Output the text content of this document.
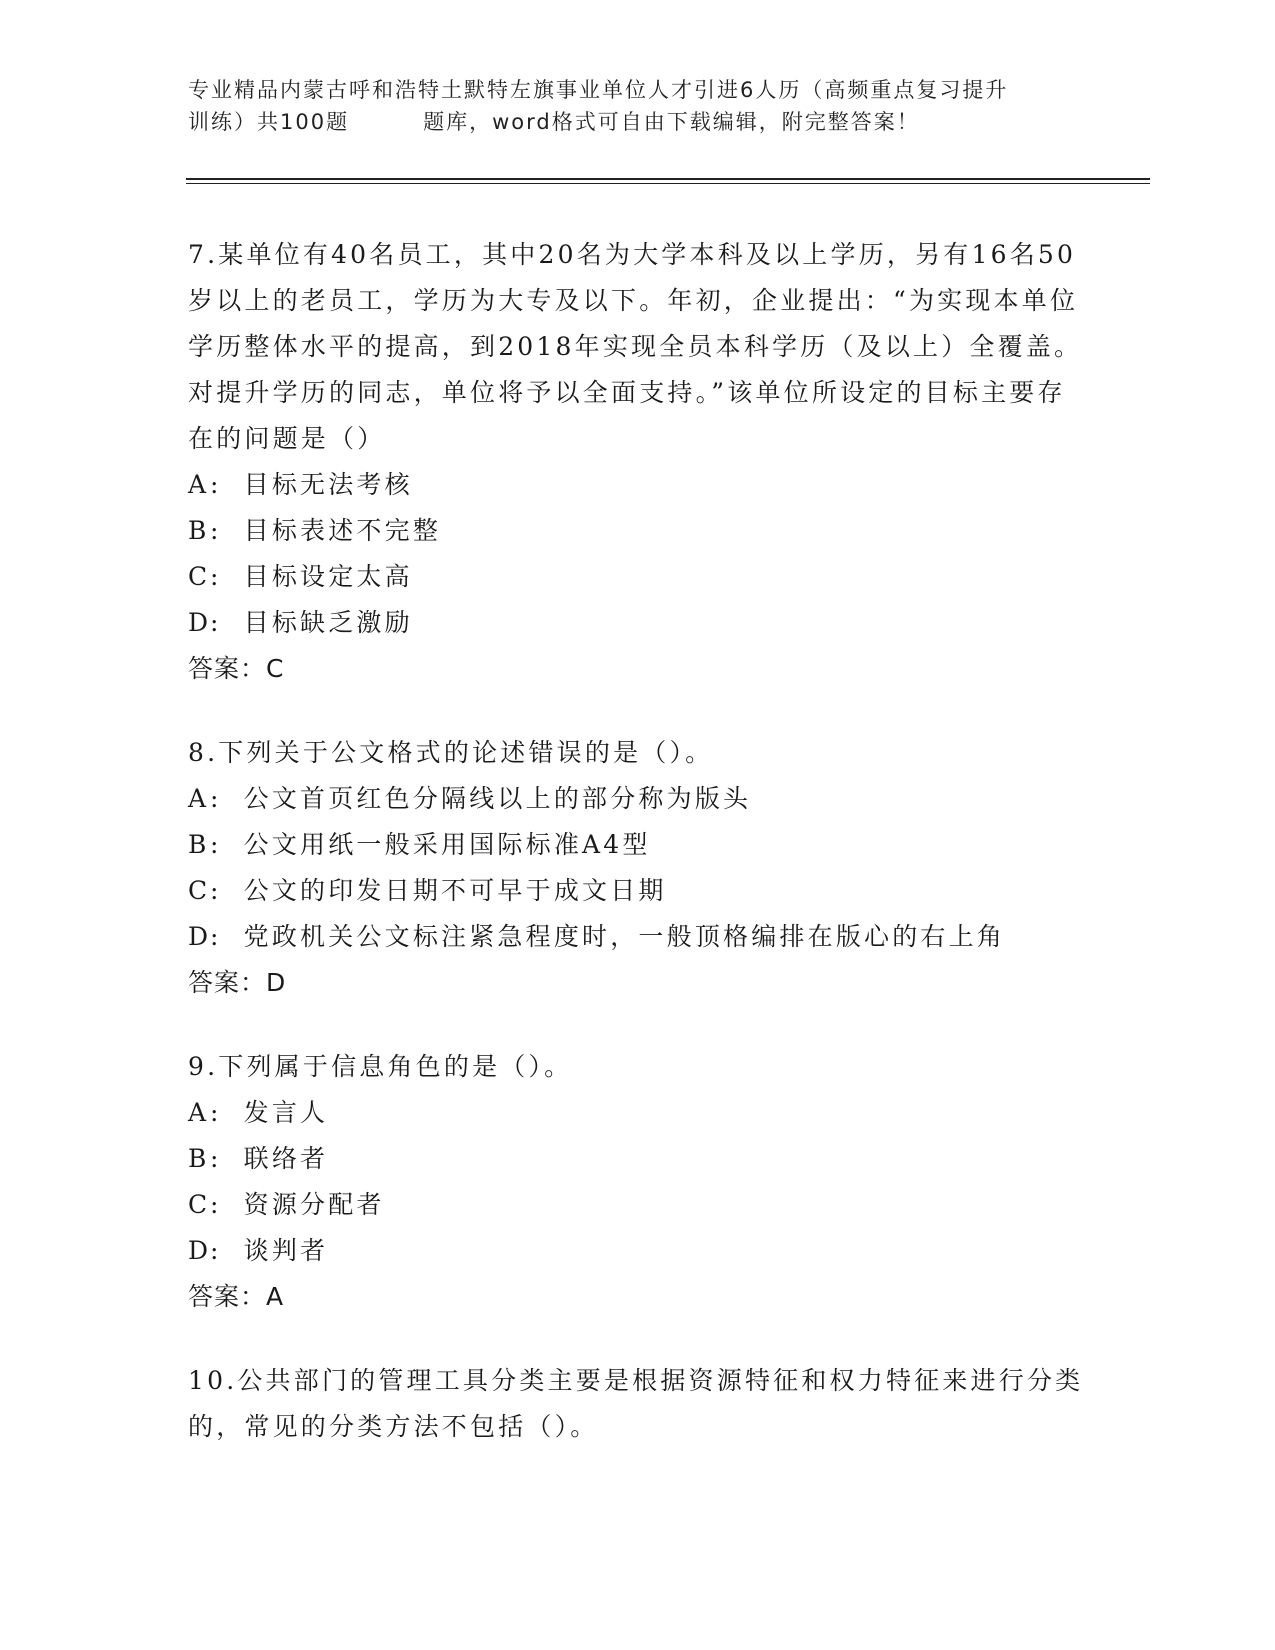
专业精品内蒙古呼和浩特土默特左旗事业单位人才引进6人历（高频重点复习提升
训练）共100题	题库，word格式可自由下载编辑，附完整答案！

7.某单位有40名员工，其中20名为大学本科及以上学历，另有16名50岁以上的老员工，学历为大专及以下。年初，企业提出：“为实现本单位学历整体水平的提高，到2018年实现全员本科学历（及以上）全覆盖。对提升学历的同志，单位将予以全面支持。”该单位所设定的目标主要存在的问题是（）

A: 目标无法考核

B: 目标表述不完整

C: 目标设定太高

D: 目标缺乏激励

答案：C

8.下列关于公文格式的论述错误的是（）。

A: 公文首页红色分隔线以上的部分称为版头

B: 公文用纸一般采用国际标准A4型

C: 公文的印发日期不可早于成文日期

D: 党政机关公文标注紧急程度时，一般顶格编排在版心的右上角

答案：D

9.下列属于信息角色的是（）。

A: 发言人

B: 联络者

C: 资源分配者

D: 谈判者

答案：A

10.公共部门的管理工具分类主要是根据资源特征和权力特征来进行分类的，常见的分类方法不包括（）。
